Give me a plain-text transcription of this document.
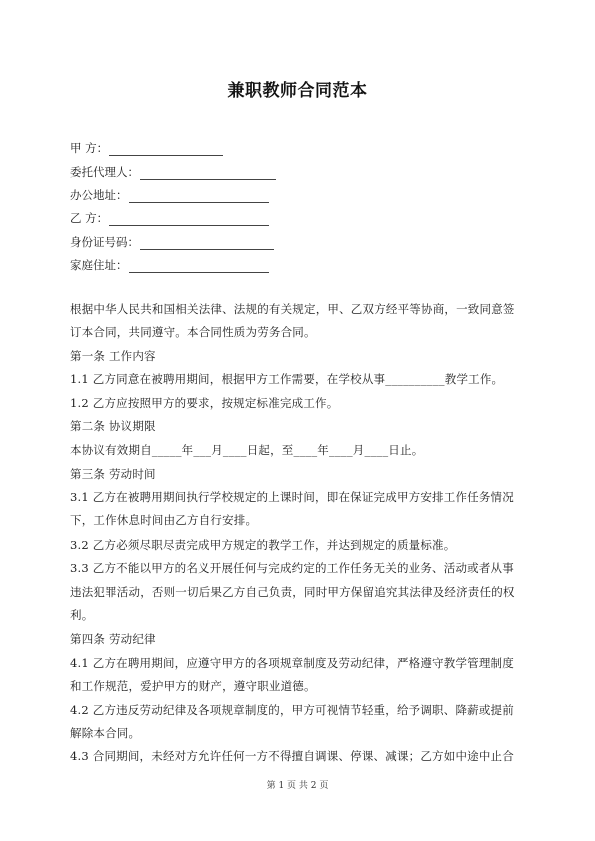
兼职教师合同范本
甲 方：
委托代理人：
办公地址：
乙 方：
身份证号码：
家庭住址：
根据中华人民共和国相关法律、法规的有关规定，甲、乙双方经平等协商，一致同意签
订本合同，共同遵守。本合同性质为劳务合同。
第一条 工作内容
1.1 乙方同意在被聘用期间，根据甲方工作需要，在学校从事__________教学工作。
1.2 乙方应按照甲方的要求，按规定标准完成工作。
第二条 协议期限
本协议有效期自_____年___月____日起，至____年____月____日止。
第三条 劳动时间
3.1 乙方在被聘用期间执行学校规定的上课时间，即在保证完成甲方安排工作任务情况
下，工作休息时间由乙方自行安排。
3.2 乙方必须尽职尽责完成甲方规定的教学工作，并达到规定的质量标准。
3.3 乙方不能以甲方的名义开展任何与完成约定的工作任务无关的业务、活动或者从事
违法犯罪活动，否则一切后果乙方自己负责，同时甲方保留追究其法律及经济责任的权
利。
第四条 劳动纪律
4.1 乙方在聘用期间，应遵守甲方的各项规章制度及劳动纪律，严格遵守教学管理制度
和工作规范，爱护甲方的财产，遵守职业道德。
4.2 乙方违反劳动纪律及各项规章制度的，甲方可视情节轻重，给予调职、降薪或提前
解除本合同。
4.3 合同期间，未经对方允许任何一方不得擅自调课、停课、减课；乙方如中途中止合
第 1 页 共 2 页
